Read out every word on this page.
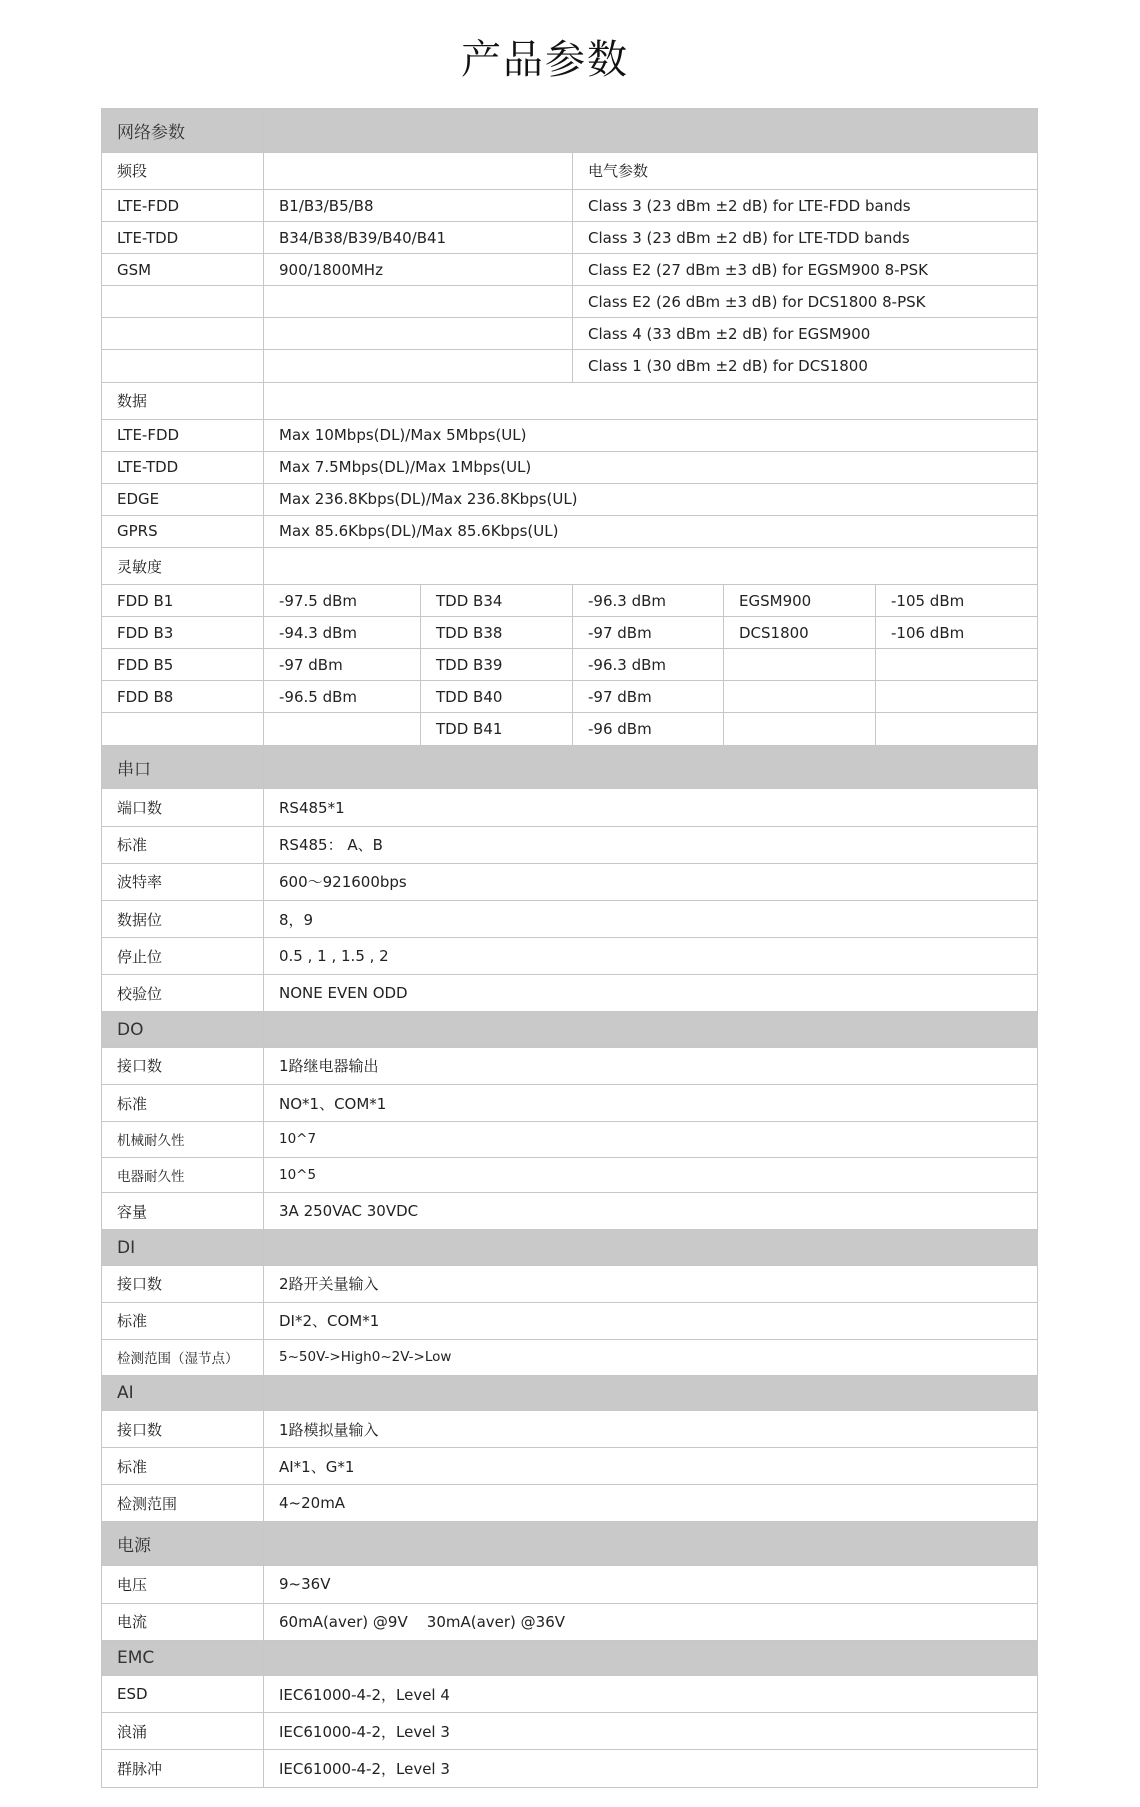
产品参数
网络参数					
频段			电气参数		
LTE-FDD	B1/B3/B5/B8		Class 3 (23 dBm ±2 dB) for LTE-FDD bands		
LTE-TDD	B34/B38/B39/B40/B41		Class 3 (23 dBm ±2 dB) for LTE-TDD bands		
GSM	900/1800MHz		Class E2 (27 dBm ±3 dB) for EGSM900 8-PSK		
			Class E2 (26 dBm ±3 dB) for DCS1800 8-PSK		
			Class 4 (33 dBm ±2 dB) for EGSM900		
			Class 1 (30 dBm ±2 dB) for DCS1800		
数据					
LTE-FDD	Max 10Mbps(DL)/Max 5Mbps(UL)				
LTE-TDD	Max 7.5Mbps(DL)/Max 1Mbps(UL)				
EDGE	Max 236.8Kbps(DL)/Max 236.8Kbps(UL)				
GPRS	Max 85.6Kbps(DL)/Max 85.6Kbps(UL)				
灵敏度					
FDD B1	-97.5 dBm	TDD B34	-96.3 dBm	EGSM900	-105 dBm
FDD B3	-94.3 dBm	TDD B38	-97 dBm	DCS1800	-106 dBm
FDD B5	-97 dBm	TDD B39	-96.3 dBm		
FDD B8	-96.5 dBm	TDD B40	-97 dBm		
		TDD B41	-96 dBm		
串口					
端口数	RS485*1				
标准	RS485： A、B				
波特率	600～921600bps				
数据位	8，9				
停止位	0.5 , 1 , 1.5 , 2				
校验位	NONE EVEN ODD				
DO					
接口数	1路继电器输出				
标准	NO*1、COM*1				
机械耐久性	10^7				
电器耐久性	10^5				
容量	3A 250VAC 30VDC				
DI					
接口数	2路开关量输入				
标准	DI*2、COM*1				
检测范围（湿节点）	5~50V->High0~2V->Low				
AI					
接口数	1路模拟量输入				
标准	AI*1、G*1				
检测范围	4~20mA				
电源					
电压	9~36V				
电流	60mA(aver) @9V    30mA(aver) @36V				
EMC					
ESD	IEC61000-4-2，Level 4				
浪涌	IEC61000-4-2，Level 3				
群脉冲	IEC61000-4-2，Level 3				
